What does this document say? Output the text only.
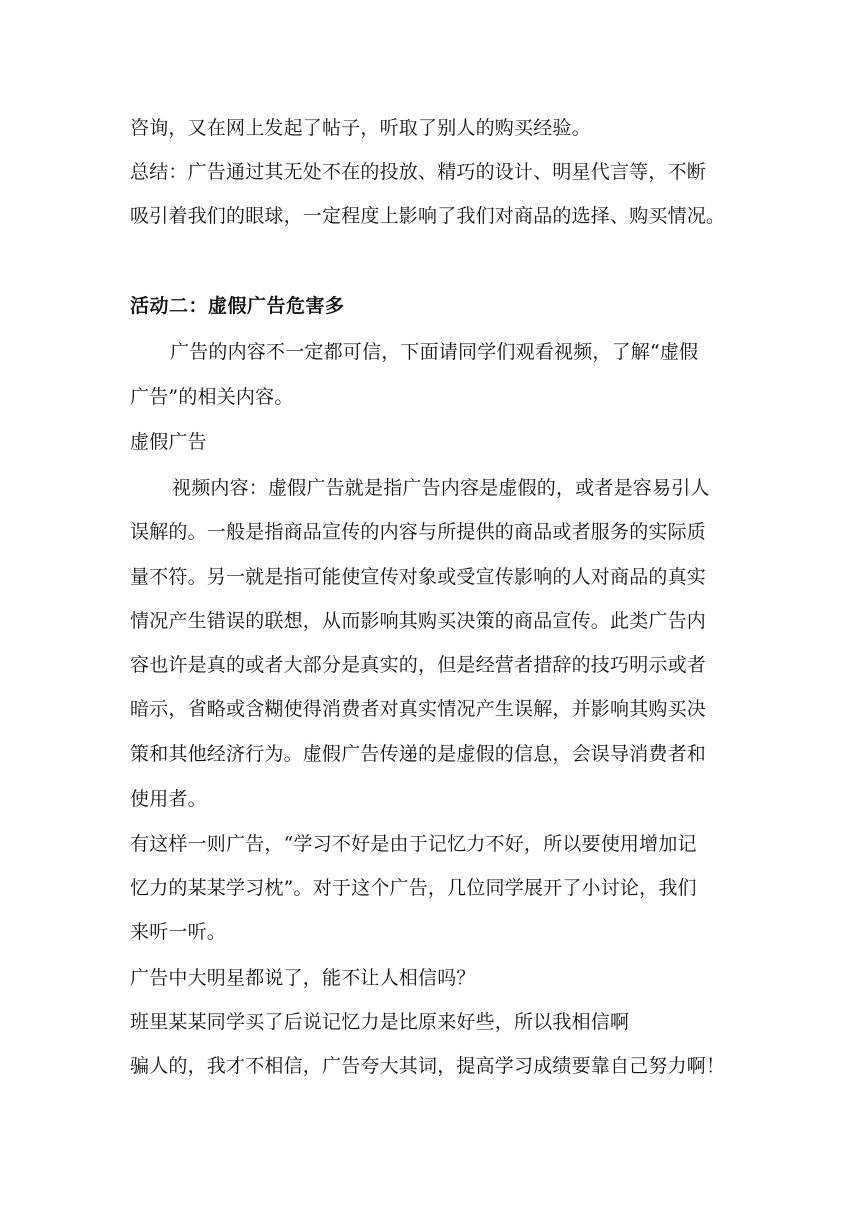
咨询，又在网上发起了帖子，听取了别人的购买经验。
总结：广告通过其无处不在的投放、精巧的设计、明星代言等，不断
吸引着我们的眼球，一定程度上影响了我们对商品的选择、购买情况。
活动二：虚假广告危害多
广告的内容不一定都可信，下面请同学们观看视频，了解“虚假
广告”的相关内容。
虚假广告
视频内容：虚假广告就是指广告内容是虚假的，或者是容易引人
误解的。一般是指商品宣传的内容与所提供的商品或者服务的实际质
量不符。另一就是指可能使宣传对象或受宣传影响的人对商品的真实
情况产生错误的联想，从而影响其购买决策的商品宣传。此类广告内
容也许是真的或者大部分是真实的，但是经营者措辞的技巧明示或者
暗示，省略或含糊使得消费者对真实情况产生误解，并影响其购买决
策和其他经济行为。虚假广告传递的是虚假的信息，会误导消费者和
使用者。
有这样一则广告，“学习不好是由于记忆力不好，所以要使用增加记
忆力的某某学习枕”。对于这个广告，几位同学展开了小讨论，我们
来听一听。
广告中大明星都说了，能不让人相信吗？
班里某某同学买了后说记忆力是比原来好些，所以我相信啊
骗人的，我才不相信，广告夸大其词，提高学习成绩要靠自己努力啊！
